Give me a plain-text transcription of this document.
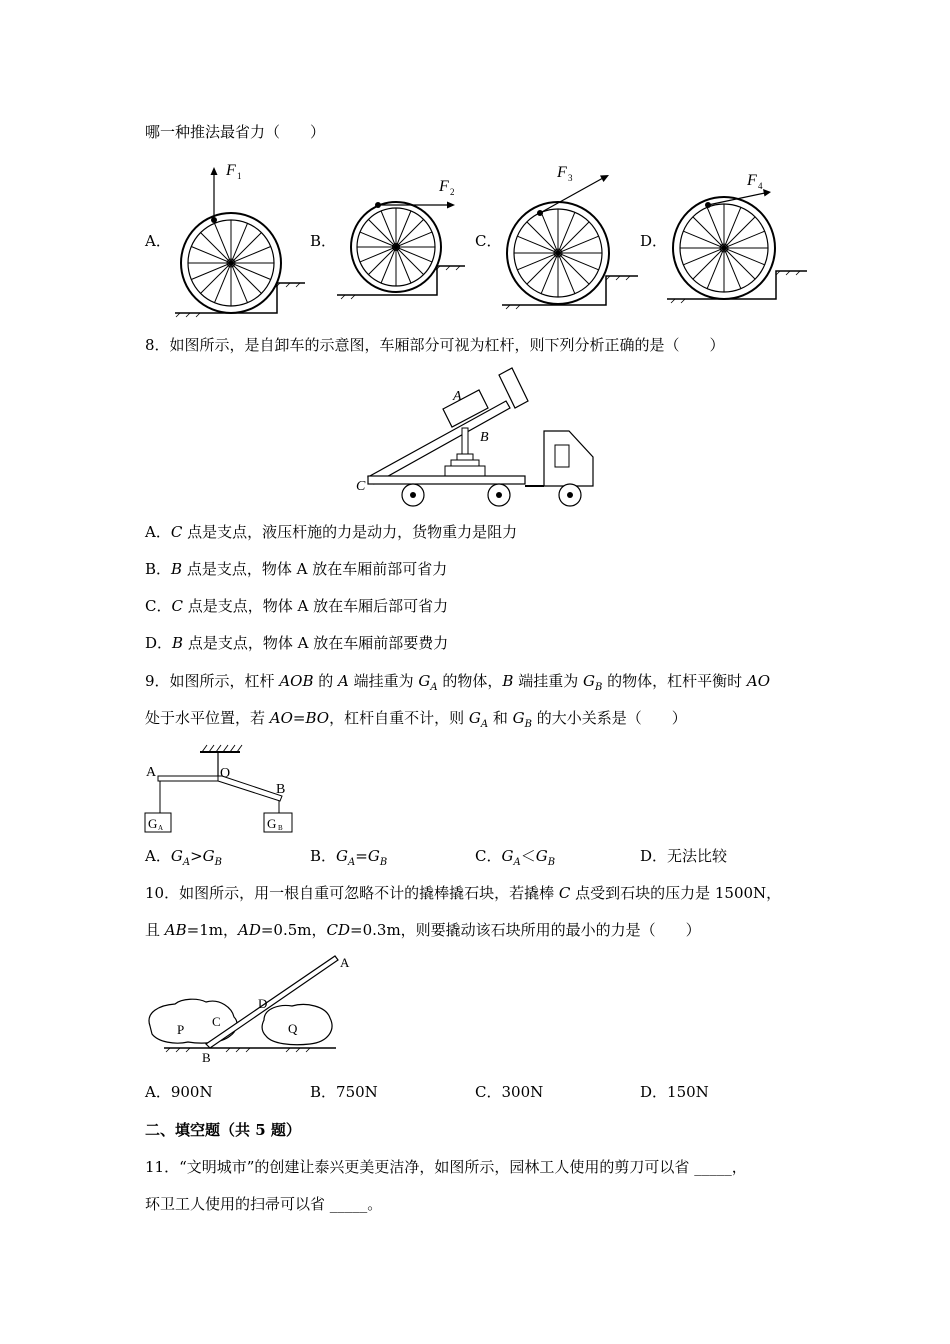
哪一种推法最省力（　　）
A．	B．	C．	D．
F 1
F 2
F 3	F 4
8．如图所示，是自卸车的示意图，车厢部分可视为杠杆，则下列分析正确的是（　　）
A
B
C
A．C 点是支点，液压杆施的力是动力，货物重力是阻力
B．B 点是支点，物体 A 放在车厢前部可省力
C．C 点是支点，物体 A 放在车厢后部可省力
D．B 点是支点，物体 A 放在车厢前部要费力
9．如图所示，杠杆 AOB 的 A 端挂重为 $G_A$ 的物体，B 端挂重为 $G_B$ 的物体，杠杆平衡时 AO
处于水平位置，若 AO=BO，杠杆自重不计，则 $G_A$ 和 $G_B$ 的大小关系是（　　）
A	O
B
G A	G B
A．$G_A>G_B$	B．$G_A=G_B$	C．$G_A<G_B$	D．无法比较
10．如图所示，用一根自重可忽略不计的撬棒撬石块，若撬棒 C 点受到石块的压力是 1500N，
且 AB=1m，AD=0.5m，CD=0.3m，则要撬动该石块所用的最小的力是（　　）
P
C	Q
A
D
B
A．900N	B．750N	C．300N	D．150N
二、填空题（共 5 题）
11．“文明城市”的创建让泰兴更美更洁净，如图所示，园林工人使用的剪刀可以省 _____，
环卫工人使用的扫帚可以省 _____。
